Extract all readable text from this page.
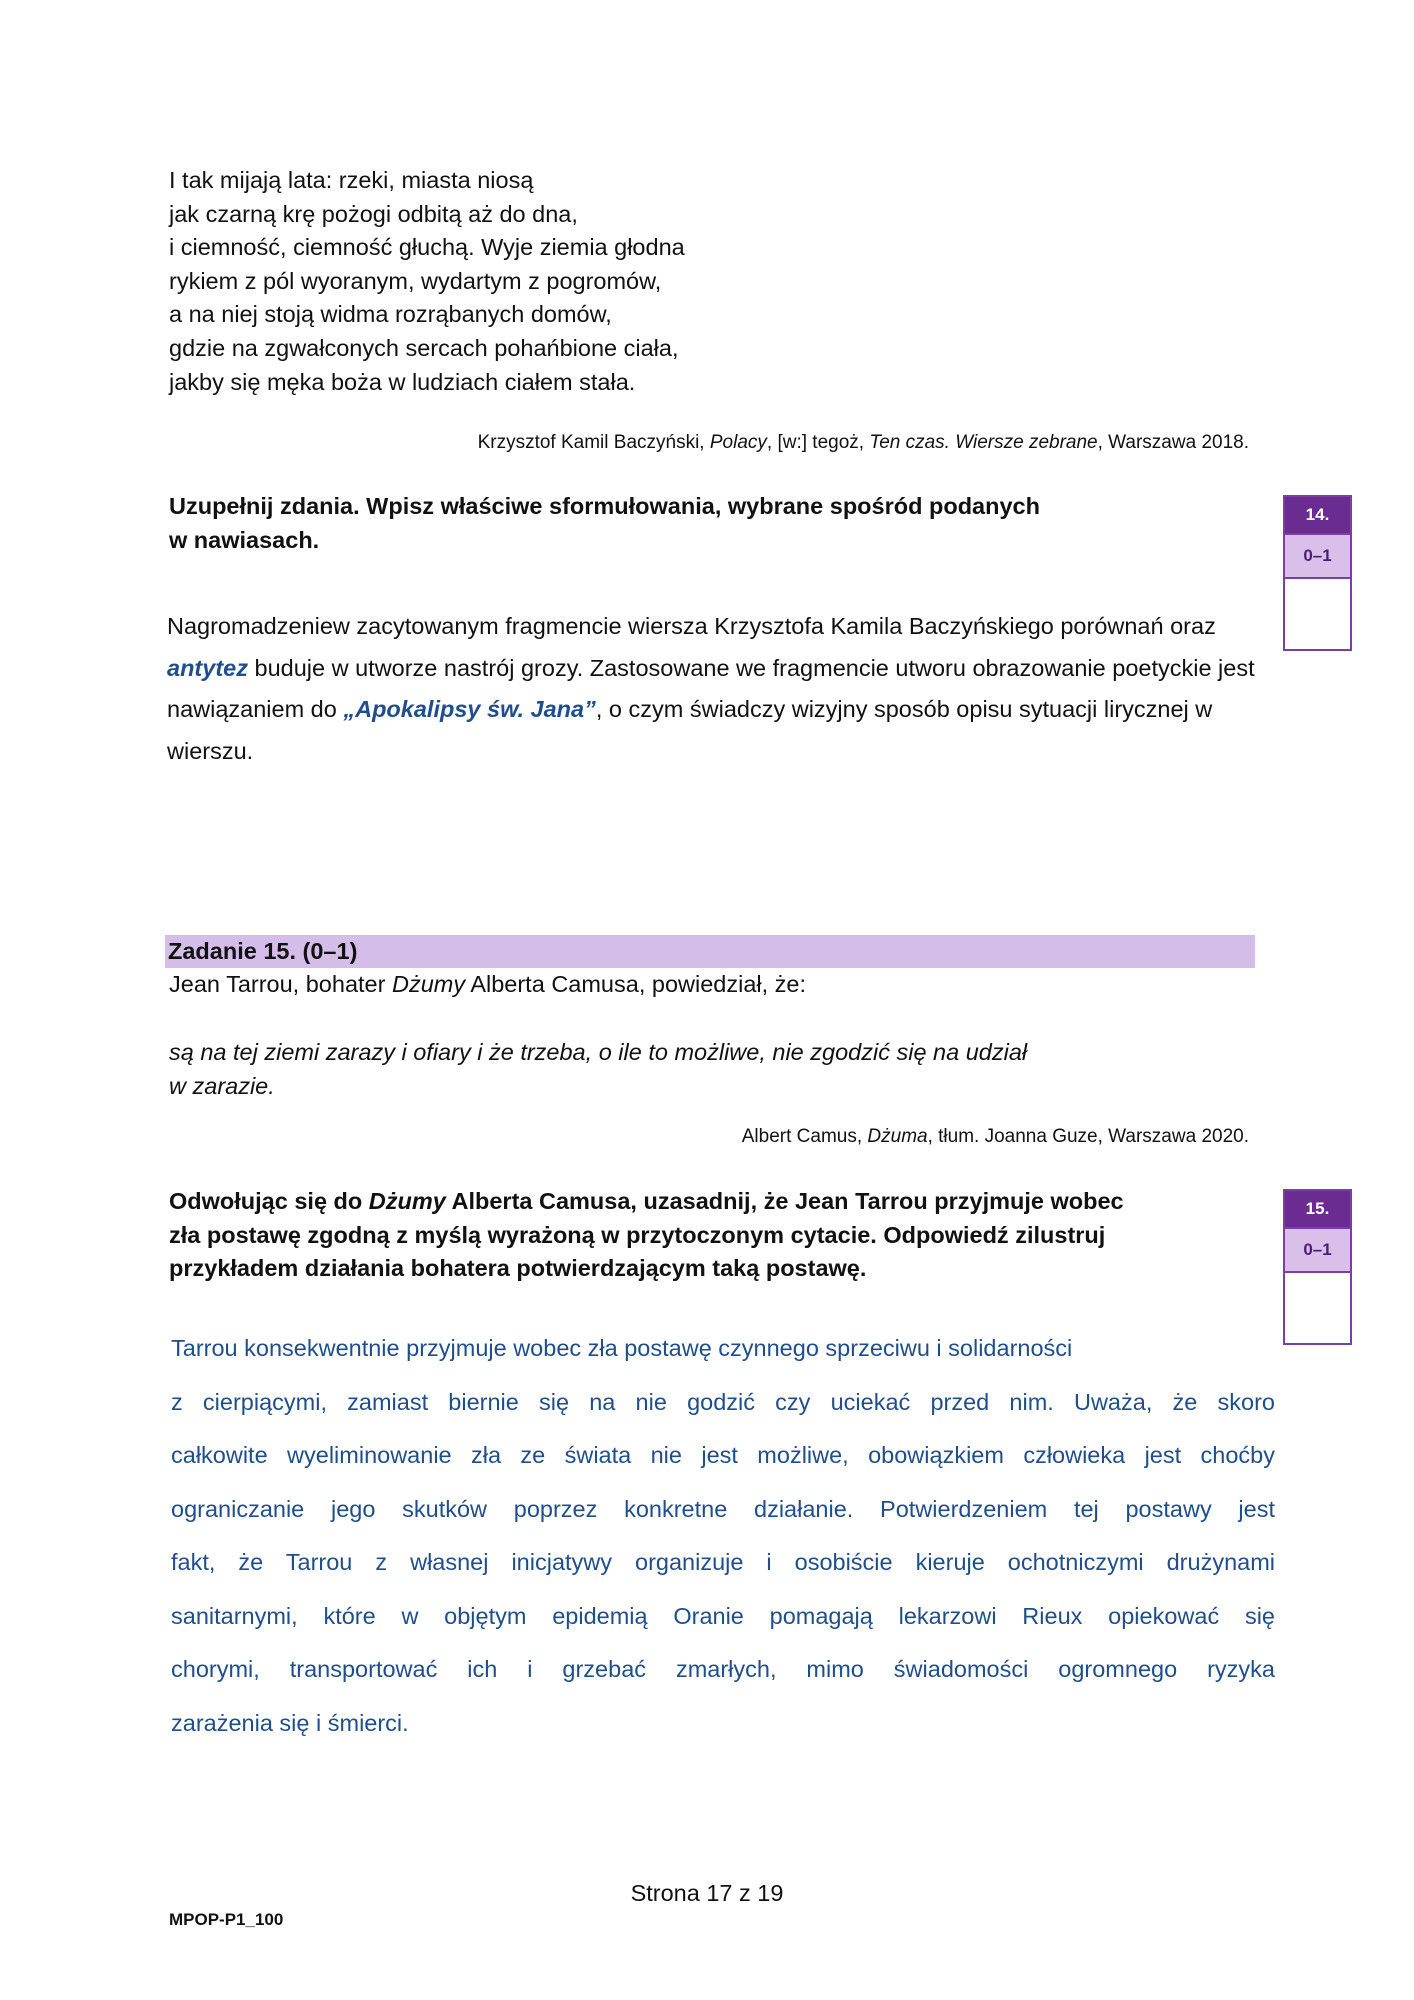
I tak mijają lata: rzeki, miasta niosą
jak czarną krę pożogi odbitą aż do dna,
i ciemność, ciemność głuchą. Wyje ziemia głodna
rykiem z pól wyoranym, wydartym z pogromów,
a na niej stoją widma rozrąbanych domów,
gdzie na zgwałconych sercach pohańbione ciała,
jakby się męka boża w ludziach ciałem stała.
Krzysztof Kamil Baczyński, Polacy, [w:] tegoż, Ten czas. Wiersze zebrane, Warszawa 2018.
Uzupełnij zdania. Wpisz właściwe sformułowania, wybrane spośród podanych
w nawiasach.
14.
0–1
Nagromadzeniew zacytowanym fragmencie wiersza Krzysztofa Kamila Baczyńskiego porównań oraz antytez buduje w utworze nastrój grozy. Zastosowane we fragmencie utworu obrazowanie poetyckie jest nawiązaniem do „Apokalipsy św. Jana”, o czym świadczy wizyjny sposób opisu sytuacji lirycznej w wierszu.
Zadanie 15. (0–1)
Jean Tarrou, bohater Dżumy Alberta Camusa, powiedział, że:
są na tej ziemi zarazy i ofiary i że trzeba, o ile to możliwe, nie zgodzić się na udział
w zarazie.
Albert Camus, Dżuma, tłum. Joanna Guze, Warszawa 2020.
Odwołując się do Dżumy Alberta Camusa, uzasadnij, że Jean Tarrou przyjmuje wobec
zła postawę zgodną z myślą wyrażoną w przytoczonym cytacie. Odpowiedź zilustruj
przykładem działania bohatera potwierdzającym taką postawę.
15.
0–1
Tarrou konsekwentnie przyjmuje wobec zła postawę czynnego sprzeciwu i solidarności
z cierpiącymi, zamiast biernie się na nie godzić czy uciekać przed nim. Uważa, że skoro
całkowite wyeliminowanie zła ze świata nie jest możliwe, obowiązkiem człowieka jest choćby
ograniczanie jego skutków poprzez konkretne działanie. Potwierdzeniem tej postawy jest
fakt, że Tarrou z własnej inicjatywy organizuje i osobiście kieruje ochotniczymi drużynami
sanitarnymi, które w objętym epidemią Oranie pomagają lekarzowi Rieux opiekować się
chorymi, transportować ich i grzebać zmarłych, mimo świadomości ogromnego ryzyka
zarażenia się i śmierci.
Strona 17 z 19
MPOP-P1_100
